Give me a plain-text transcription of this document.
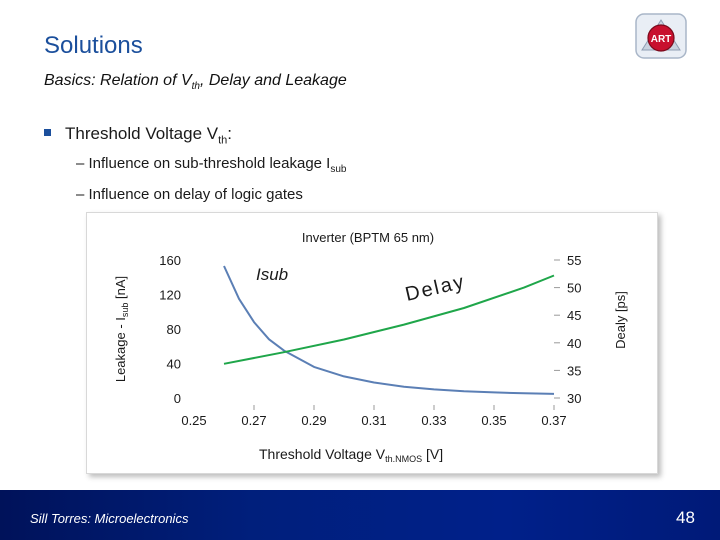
Solutions
Basics: Relation of $V_{th}$, Delay and Leakage
ART
Threshold Voltage $V_{th}$:
– Influence on sub-threshold leakage $I_{sub}$
– Influence on delay of logic gates
Inverter (BPTM 65 nm)
Leakage - $I_{sub}$ [nA]
Dealy [ps]
Threshold Voltage $V_{th.NMOS}$ [V]
0.25	0.27	0.29	0.31	0.33	0.35	0.37
0
40
80
120
160
30
35
40
45
50
55
Isub	Delay
Sill Torres: Microelectronics	48
